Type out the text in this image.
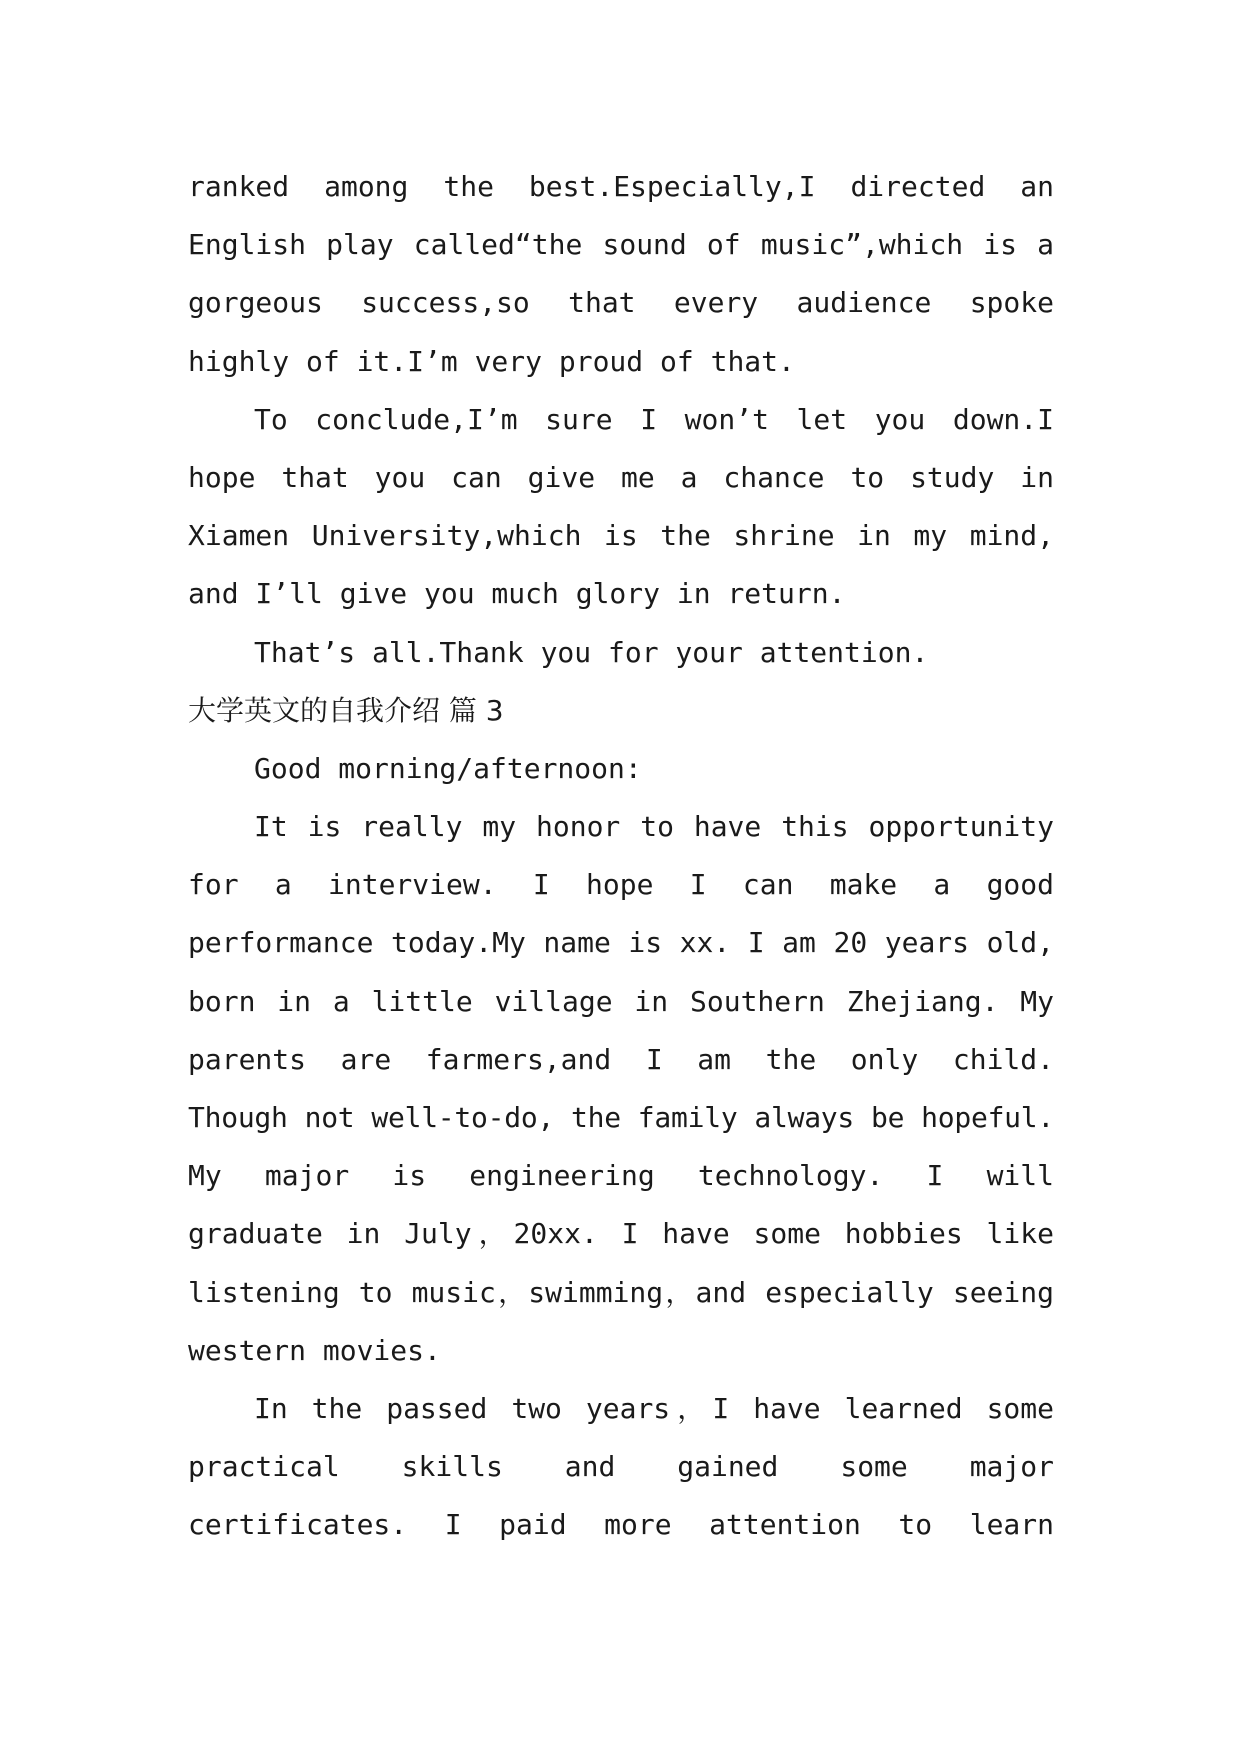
ranked among the best.Especially,I directed an
English play called“the sound of music”,which is a
gorgeous success,so that every audience spoke
highly of it.I’m very proud of that.
To conclude,I’m sure I won’t let you down.I
hope that you can give me a chance to study in
Xiamen University,which is the shrine in my mind,
and I’ll give you much glory in return.
That’s all.Thank you for your attention.
大学英文的自我介绍 篇 3
Good morning/afternoon:
It is really my honor to have this opportunity
for a interview. I hope I can make a good
performance today.My name is xx. I am 20 years old,
born in a little village in Southern Zhejiang. My
parents are farmers,and I am the only child.
Though not well-to-do, the family always be hopeful.
My major is engineering technology. I will
graduate in July，20xx. I have some hobbies like
listening to music，swimming，and especially seeing
western movies.
In the passed two years，I have learned some
practical skills and gained some major
certificates. I paid more attention to learn
